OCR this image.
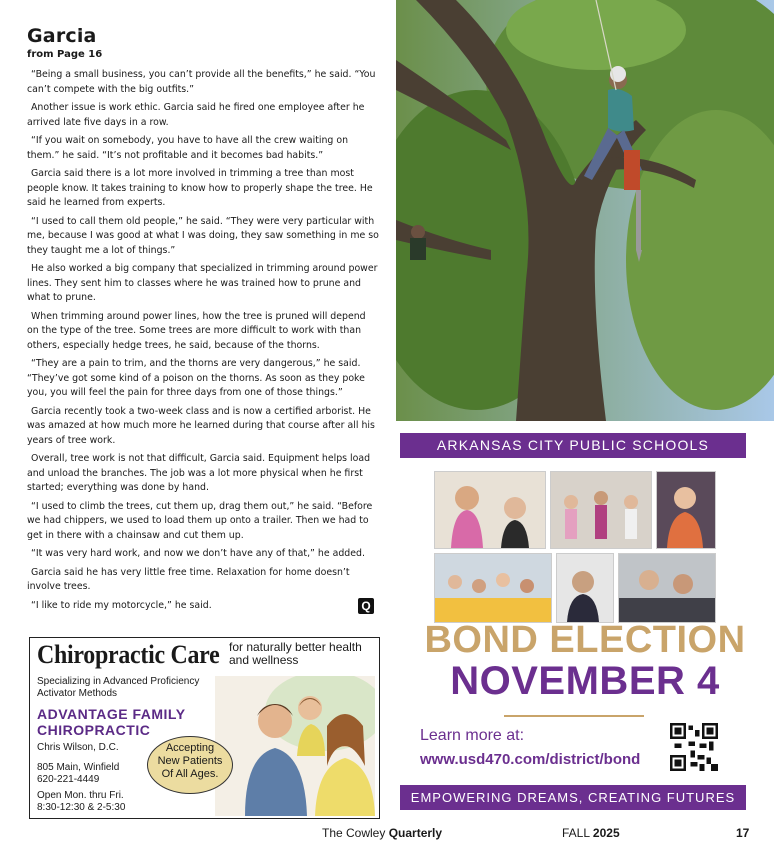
Garcia
from Page 16

“Being a small business, you can’t provide all the benefits,” he said. “You can’t compete with the big outfits.”

Another issue is work ethic. Garcia said he fired one employee after he arrived late five days in a row.

“If you wait on somebody, you have to have all the crew waiting on them.” he said. “It’s not profitable and it becomes bad habits.”

Garcia said there is a lot more involved in trimming a tree than most people know. It takes training to know how to properly shape the tree. He said he learned from experts.

“I used to call them old people,” he said. “They were very particular with me, because I was good at what I was doing, they saw something in me so they taught me a lot of things.”

He also worked a big company that specialized in trimming around power lines. They sent him to classes where he was trained how to prune and what to prune.

When trimming around power lines, how the tree is pruned will depend on the type of the tree. Some trees are more difficult to work with than others, especially hedge trees, he said, because of the thorns.

“They are a pain to trim, and the thorns are very dangerous,” he said. “They’ve got some kind of a poison on the thorns. As soon as they poke you, you will feel the pain for three days from one of those things.”

Garcia recently took a two-week class and is now a certified arborist. He was amazed at how much more he learned during that course after all his years of tree work.

Overall, tree work is not that difficult, Garcia said. Equipment helps load and unload the branches. The job was a lot more physical when he first started; everything was done by hand.

“I used to climb the trees, cut them up, drag them out,” he said. “Before we had chippers, we used to load them up onto a trailer. Then we had to get in there with a chainsaw and cut them up.

“It was very hard work, and now we don’t have any of that,” he added.

Garcia said he has very little free time. Relaxation for home doesn’t involve trees.

“I like to ride my motorcycle,” he said.	Q
Chiropractic Care for naturally better health and wellness
Specializing in Advanced Proficiency Activator Methods
ADVANTAGE FAMILY
CHIROPRACTIC
Chris Wilson, D.C.
805 Main, Winfield
620-221-4449
Open Mon. thru Fri.
8:30-12:30 & 2-5:30
Accepting
New Patients
Of All Ages.
ARKANSAS CITY PUBLIC SCHOOLS
BOND ELECTION
NOVEMBER 4
Learn more at:
www.usd470.com/district/bond
EMPOWERING DREAMS, CREATING FUTURES
The Cowley Quarterly	FALL 2025	17
